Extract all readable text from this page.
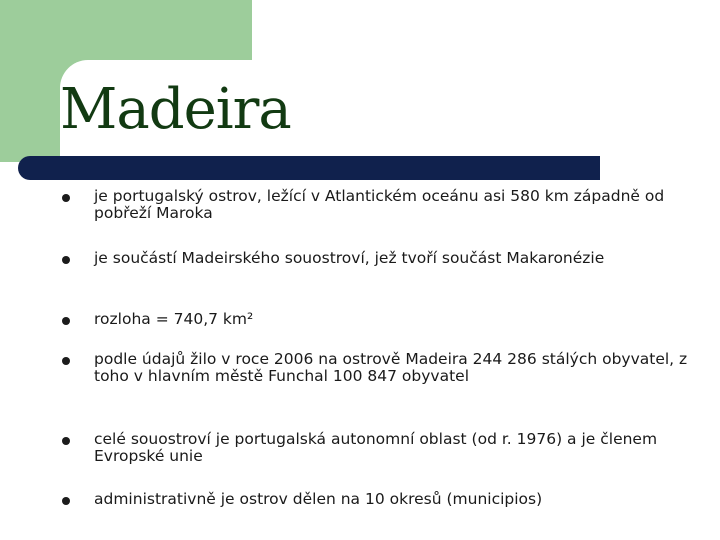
Madeira
je portugalský ostrov, ležící v Atlantickém oceánu asi 580 km západně od pobřeží Maroka
je součástí Madeirského souostroví, jež tvoří součást Makaronézie
rozloha = 740,7 km²
podle údajů žilo v roce 2006 na ostrově Madeira 244 286 stálých obyvatel, z toho v hlavním městě Funchal 100 847 obyvatel
celé souostroví je portugalská autonomní oblast (od r. 1976) a je členem Evropské unie
administrativně je ostrov dělen na 10 okresů (municipios)
